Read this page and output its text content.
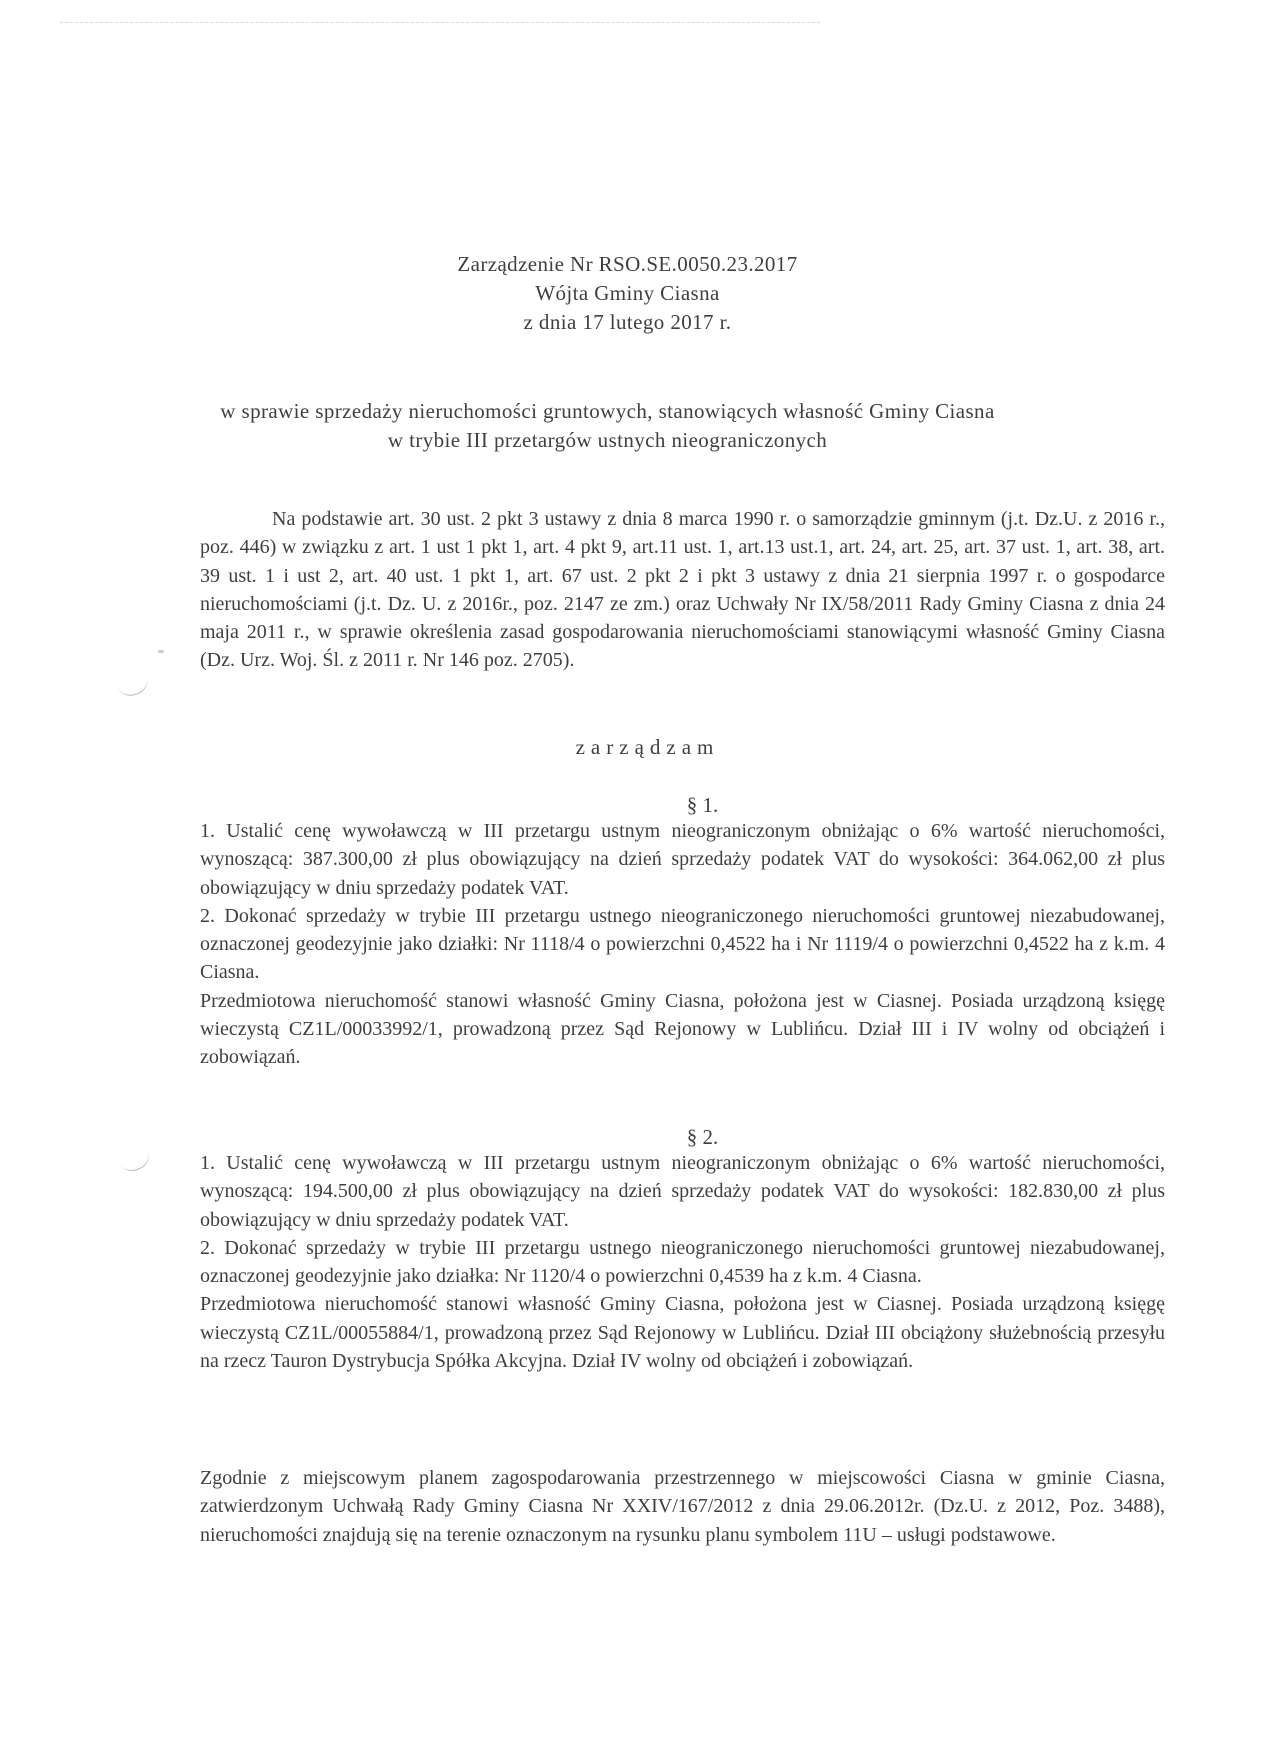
Zarządzenie Nr RSO.SE.0050.23.2017
Wójta Gminy Ciasna
z dnia 17 lutego 2017 r.
w sprawie sprzedaży nieruchomości gruntowych, stanowiących własność Gminy Ciasna
w trybie III przetargów ustnych nieograniczonych

Na podstawie art. 30 ust. 2 pkt 3 ustawy z dnia 8 marca 1990 r. o samorządzie gminnym (j.t. Dz.U. z 2016 r., poz. 446) w związku z art. 1 ust 1 pkt 1, art. 4 pkt 9, art.11 ust. 1, art.13 ust.1, art. 24, art. 25, art. 37 ust. 1, art. 38, art. 39 ust. 1 i ust 2, art. 40 ust. 1 pkt 1, art. 67 ust. 2 pkt 2 i pkt 3 ustawy z dnia 21 sierpnia 1997 r. o gospodarce nieruchomościami (j.t. Dz. U. z 2016r., poz. 2147 ze zm.) oraz Uchwały Nr IX/58/2011 Rady Gminy Ciasna z dnia 24 maja 2011 r., w sprawie określenia zasad gospodarowania nieruchomościami stanowiącymi własność Gminy Ciasna (Dz. Urz. Woj. Śl. z 2011 r. Nr 146 poz. 2705).

zarządzam
§ 1.

1. Ustalić cenę wywoławczą w III przetargu ustnym nieograniczonym obniżając o 6% wartość nieruchomości, wynoszącą: 387.300,00 zł plus obowiązujący na dzień sprzedaży podatek VAT do wysokości: 364.062,00 zł plus obowiązujący w dniu sprzedaży podatek VAT.

2. Dokonać sprzedaży w trybie III przetargu ustnego nieograniczonego nieruchomości gruntowej niezabudowanej, oznaczonej geodezyjnie jako działki: Nr 1118/4 o powierzchni 0,4522 ha i Nr 1119/4 o powierzchni 0,4522 ha z k.m. 4 Ciasna.

Przedmiotowa nieruchomość stanowi własność Gminy Ciasna, położona jest w Ciasnej. Posiada urządzoną księgę wieczystą CZ1L/00033992/1, prowadzoną przez Sąd Rejonowy w Lublińcu. Dział III i IV wolny od obciążeń i zobowiązań.

§ 2.

1. Ustalić cenę wywoławczą w III przetargu ustnym nieograniczonym obniżając o 6% wartość nieruchomości, wynoszącą: 194.500,00 zł plus obowiązujący na dzień sprzedaży podatek VAT do wysokości: 182.830,00 zł plus obowiązujący w dniu sprzedaży podatek VAT.

2. Dokonać sprzedaży w trybie III przetargu ustnego nieograniczonego nieruchomości gruntowej niezabudowanej, oznaczonej geodezyjnie jako działka: Nr 1120/4 o powierzchni 0,4539 ha z k.m. 4 Ciasna.

Przedmiotowa nieruchomość stanowi własność Gminy Ciasna, położona jest w Ciasnej. Posiada urządzoną księgę wieczystą CZ1L/00055884/1, prowadzoną przez Sąd Rejonowy w Lublińcu. Dział III obciążony służebnością przesyłu na rzecz Tauron Dystrybucja Spółka Akcyjna. Dział IV wolny od obciążeń i zobowiązań.

Zgodnie z miejscowym planem zagospodarowania przestrzennego w miejscowości Ciasna w gminie Ciasna, zatwierdzonym Uchwałą Rady Gminy Ciasna Nr XXIV/167/2012 z dnia 29.06.2012r. (Dz.U. z 2012, Poz. 3488), nieruchomości znajdują się na terenie oznaczonym na rysunku planu symbolem 11U – usługi podstawowe.
